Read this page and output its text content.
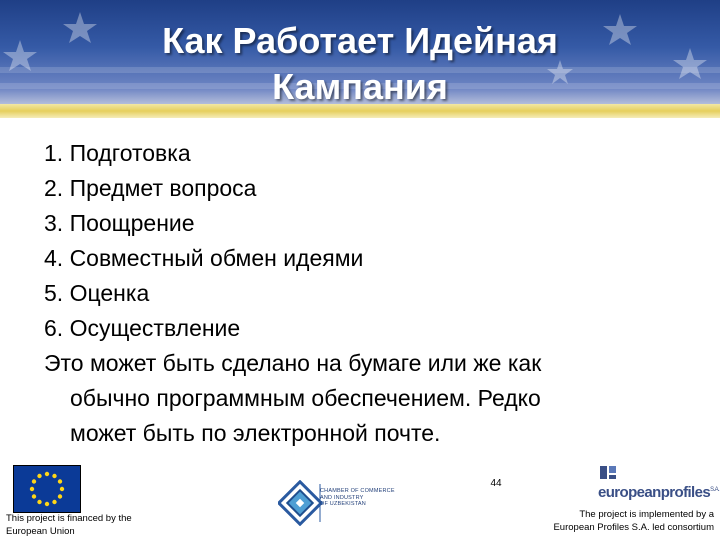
Как Работает Идейная
Кампания

1. Подготовка

2. Предмет вопроса

3. Поощрение

4. Совместный обмен идеями

5. Оценка

6. Осуществление

Это может быть сделано на бумаге или же как
обычно программным обеспечением. Редко
может быть по электронной почте.

This project is financed by the
European Union
CHAMBER OF COMMERCE
AND INDUSTRY
OF UZBEKISTAN
44
europeanprofiles$^{S.A.}$
The project is implemented by a
European Profiles S.A. led consortium
